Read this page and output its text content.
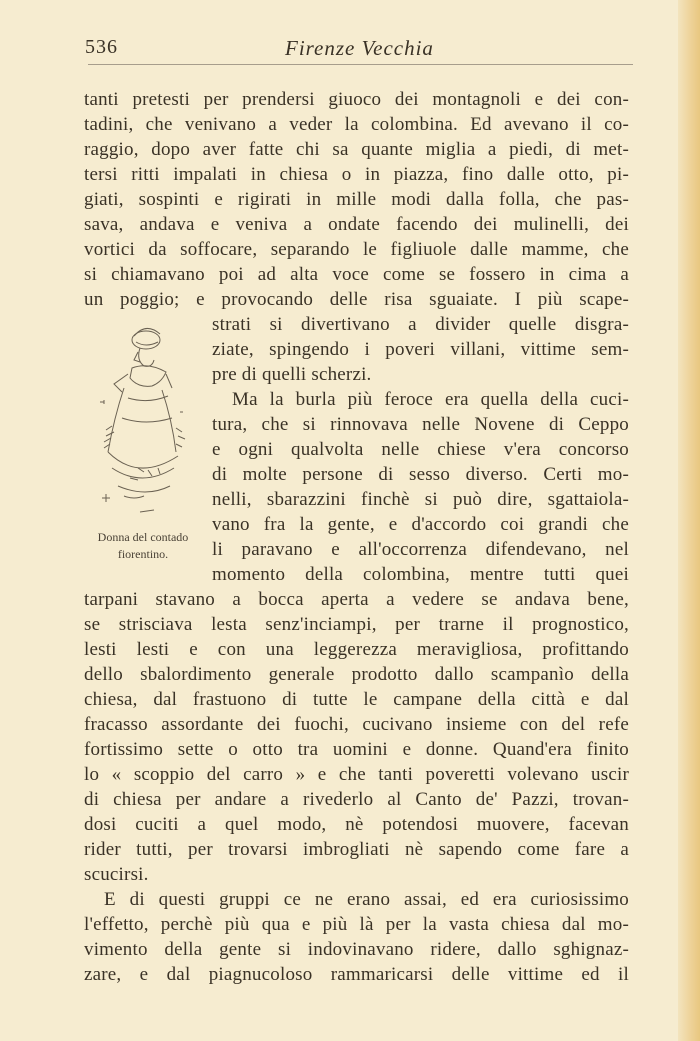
536	Firenze Vecchia
Donna del contado
fiorentino.
tanti pretesti per prendersi giuoco dei montagnoli e dei con-
tadini, che venivano a veder la colombina. Ed avevano il co-
raggio, dopo aver fatte chi sa quante miglia a piedi, di met-
tersi ritti impalati in chiesa o in piazza, fino dalle otto, pi-
giati, sospinti e rigirati in mille modi dalla folla, che pas-
sava, andava e veniva a ondate facendo dei mulinelli, dei
vortici da soffocare, separando le figliuole dalle mamme, che
si chiamavano poi ad alta voce come se fossero in cima a
un poggio; e provocando delle risa sguaiate. I più scape-
strati si divertivano a divider quelle disgra-
ziate, spingendo i poveri villani, vittime sem-
pre di quelli scherzi.
Ma la burla più feroce era quella della cuci-
tura, che si rinnovava nelle Novene di Ceppo
e ogni qualvolta nelle chiese v'era concorso
di molte persone di sesso diverso. Certi mo-
nelli, sbarazzini finchè si può dire, sgattaiola-
vano fra la gente, e d'accordo coi grandi che
li paravano e all'occorrenza difendevano, nel
momento della colombina, mentre tutti quei
tarpani stavano a bocca aperta a vedere se andava bene,
se strisciava lesta senz'inciampi, per trarne il prognostico,
lesti lesti e con una leggerezza meravigliosa, profittando
dello sbalordimento generale prodotto dallo scampanìo della
chiesa, dal frastuono di tutte le campane della città e dal
fracasso assordante dei fuochi, cucivano insieme con del refe
fortissimo sette o otto tra uomini e donne. Quand'era finito
lo « scoppio del carro » e che tanti poveretti volevano uscir
di chiesa per andare a rivederlo al Canto de' Pazzi, trovan-
dosi cuciti a quel modo, nè potendosi muovere, facevan
rider tutti, per trovarsi imbrogliati nè sapendo come fare a
scucirsi.
E di questi gruppi ce ne erano assai, ed era curiosissimo
l'effetto, perchè più qua e più là per la vasta chiesa dal mo-
vimento della gente si indovinavano ridere, dallo sghignaz-
zare, e dal piagnucoloso rammaricarsi delle vittime ed il
